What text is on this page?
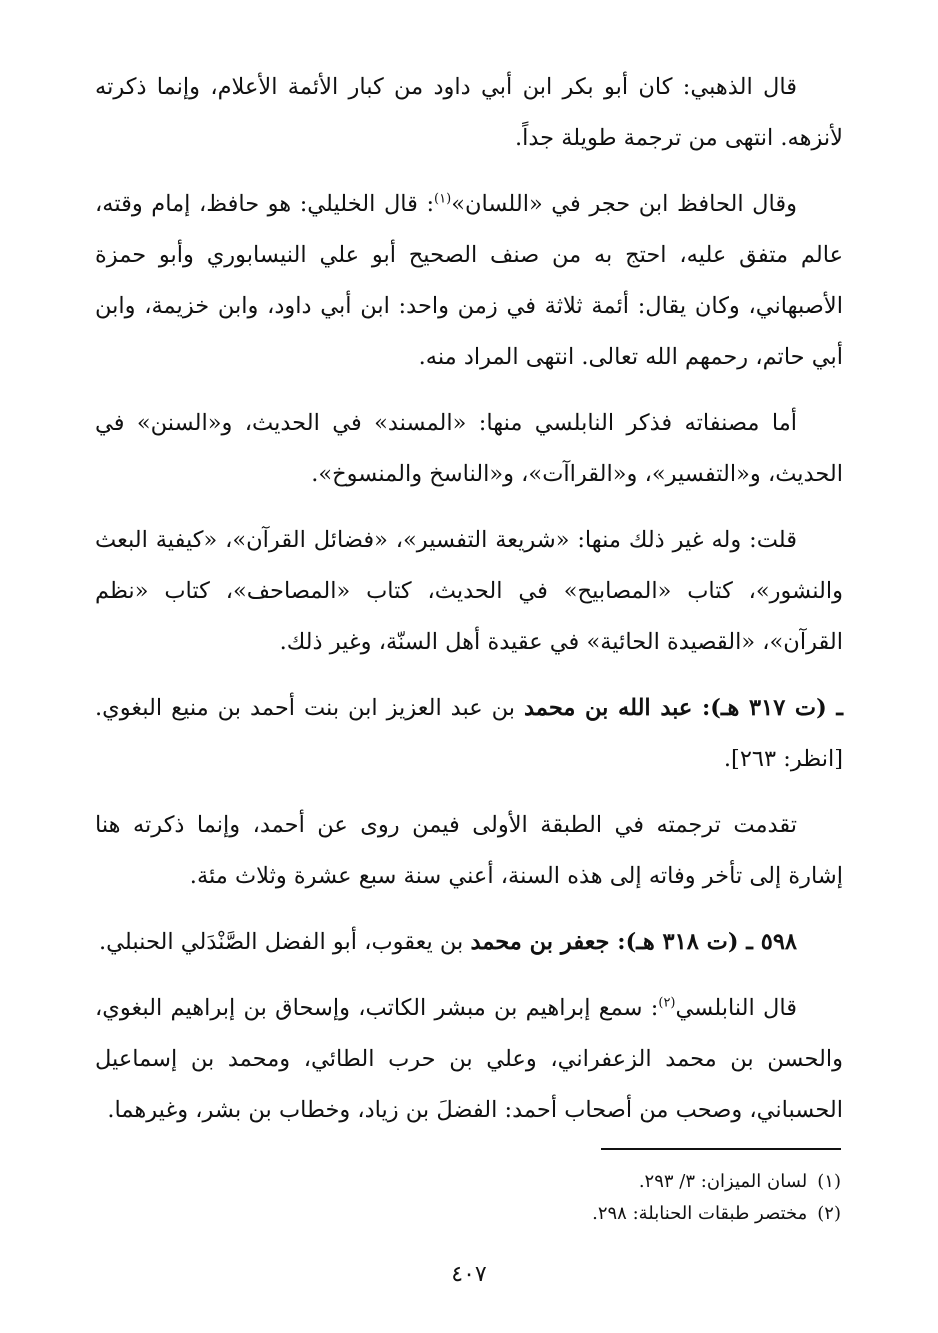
قال الذهبي: كان أبو بكر ابن أبي داود من كبار الأئمة الأعلام، وإنما ذكرته لأنزهه. انتهى من ترجمة طويلة جداً.

وقال الحافظ ابن حجر في «اللسان»$^{(١)}$: قال الخليلي: هو حافظ، إمام وقته، عالم متفق عليه، احتج به من صنف الصحيح أبو علي النيسابوري وأبو حمزة الأصبهاني، وكان يقال: أئمة ثلاثة في زمن واحد: ابن أبي داود، وابن خزيمة، وابن أبي حاتم، رحمهم الله تعالى. انتهى المراد منه.

أما مصنفاته فذكر النابلسي منها: «المسند» في الحديث، و«السنن» في الحديث، و«التفسير»، و«القراآت»، و«الناسخ والمنسوخ».

قلت: وله غير ذلك منها: «شريعة التفسير»، «فضائل القرآن»، «كيفية البعث والنشور»، كتاب «المصابيح» في الحديث، كتاب «المصاحف»، كتاب «نظم القرآن»، «القصيدة الحائية» في عقيدة أهل السنّة، وغير ذلك.

ـ (ت ٣١٧ هـ): عبد الله بن محمد بن عبد العزيز ابن بنت أحمد بن منيع البغوي. [انظر: ٢٦٣].

تقدمت ترجمته في الطبقة الأولى فيمن روى عن أحمد، وإنما ذكرته هنا إشارة إلى تأخر وفاته إلى هذه السنة، أعني سنة سبع عشرة وثلاث مئة.

٥٩٨ ـ (ت ٣١٨ هـ): جعفر بن محمد بن يعقوب، أبو الفضل الصَّنْدَلي الحنبلي.

قال النابلسي$^{(٢)}$: سمع إبراهيم بن مبشر الكاتب، وإسحاق بن إبراهيم البغوي، والحسن بن محمد الزعفراني، وعلي بن حرب الطائي، ومحمد بن إسماعيل الحسباني، وصحب من أصحاب أحمد: الفضلَ بن زياد، وخطاب بن بشر، وغيرهما.

(١)
لسان الميزان: ٣/ ٢٩٣.
(٢)
مختصر طبقات الحنابلة: ٢٩٨.
٤٠٧
